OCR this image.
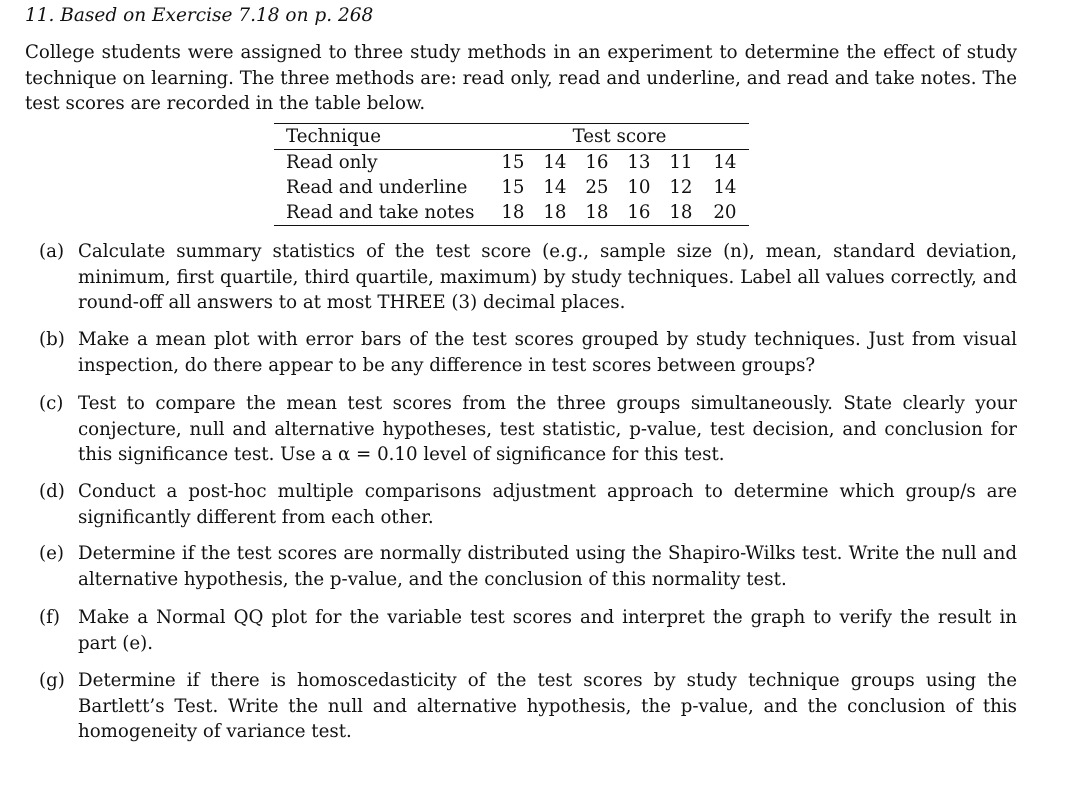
11. Based on Exercise 7.18 on p. 268
College students were assigned to three study methods in an experiment to determine the effect of study technique on learning. The three methods are: read only, read and underline, and read and take notes. The test scores are recorded in the table below.
Technique	Test score					
Read only	15	14	16	13	11	14
Read and underline	15	14	25	10	12	14
Read and take notes	18	18	18	16	18	20
(a) Calculate summary statistics of the test score (e.g., sample size (n), mean, standard deviation, minimum, first quartile, third quartile, maximum) by study techniques. Label all values correctly, and round-off all answers to at most THREE (3) decimal places.
(b) Make a mean plot with error bars of the test scores grouped by study techniques. Just from visual inspection, do there appear to be any difference in test scores between groups?
(c) Test to compare the mean test scores from the three groups simultaneously. State clearly your conjecture, null and alternative hypotheses, test statistic, p-value, test decision, and conclusion for this significance test. Use a α = 0.10 level of significance for this test.
(d) Conduct a post-hoc multiple comparisons adjustment approach to determine which group/s are significantly different from each other.
(e) Determine if the test scores are normally distributed using the Shapiro-Wilks test. Write the null and alternative hypothesis, the p-value, and the conclusion of this normality test.
(f) Make a Normal QQ plot for the variable test scores and interpret the graph to verify the result in part (e).
(g) Determine if there is homoscedasticity of the test scores by study technique groups using the Bartlett’s Test. Write the null and alternative hypothesis, the p-value, and the conclusion of this homogeneity of variance test.
